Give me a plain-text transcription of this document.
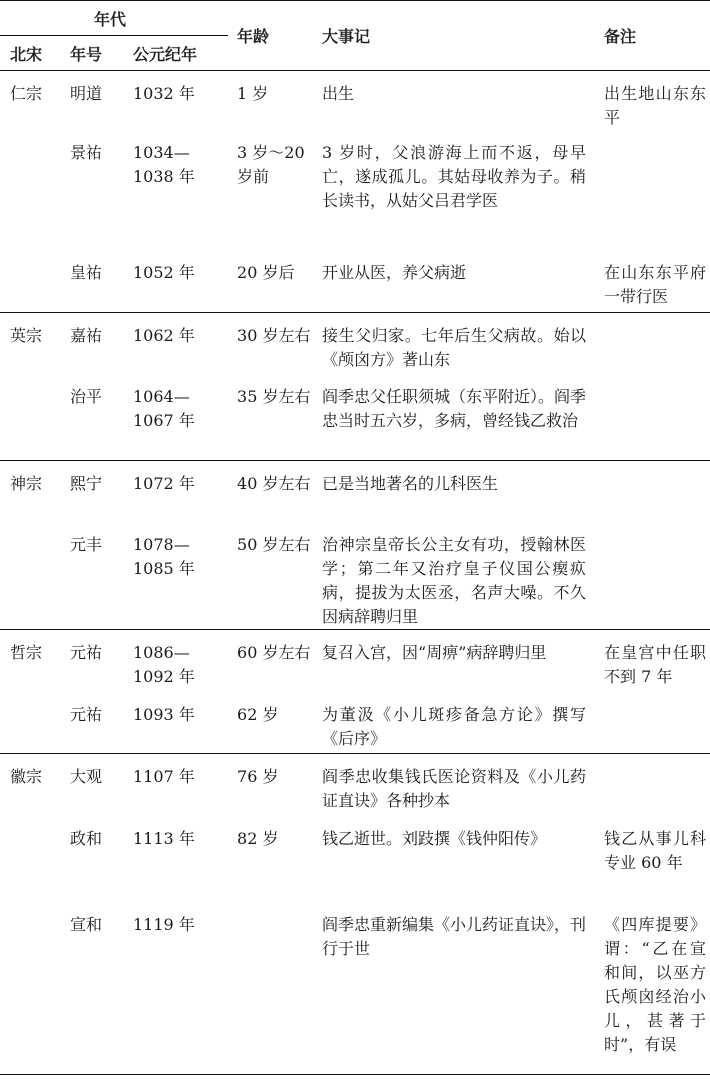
年代			年龄	大事记	备注
北宋	年号	公元纪年			
仁宗	明道	1032 年	1 岁	出生	出生地山东东平
	景祐	1034—1038 年	3 岁～20 岁前	3 岁时，父浪游海上而不返，母早亡，遂成孤儿。其姑母收养为子。稍长读书，从姑父吕君学医	
	皇祐	1052 年	20 岁后	开业从医，养父病逝	在山东东平府一带行医
英宗	嘉祐	1062 年	30 岁左右	接生父归家。七年后生父病故。始以《颅囟方》著山东	
	治平	1064—1067 年	35 岁左右	阎季忠父任职须城（东平附近）。阎季忠当时五六岁，多病，曾经钱乙救治	
神宗	熙宁	1072 年	40 岁左右	已是当地著名的儿科医生	
	元丰	1078—1085 年	50 岁左右	治神宗皇帝长公主女有功，授翰林医学；第二年又治疗皇子仪国公瘈疭病，提拔为太医丞，名声大噪。不久因病辞聘归里	
哲宗	元祐	1086—1092 年	60 岁左右	复召入宫，因“周痹”病辞聘归里	在皇宫中任职不到 7 年
	元祐	1093 年	62 岁	为董汲《小儿斑疹备急方论》撰写《后序》	
徽宗	大观	1107 年	76 岁	阎季忠收集钱氏医论资料及《小儿药证直诀》各种抄本	
	政和	1113 年	82 岁	钱乙逝世。刘跂撰《钱仲阳传》	钱乙从事儿科专业 60 年
	宣和	1119 年		阎季忠重新编集《小儿药证直诀》，刊行于世	《四库提要》谓：“乙在宣和间，以巫方氏颅囟经治小儿，甚著于时”，有误
